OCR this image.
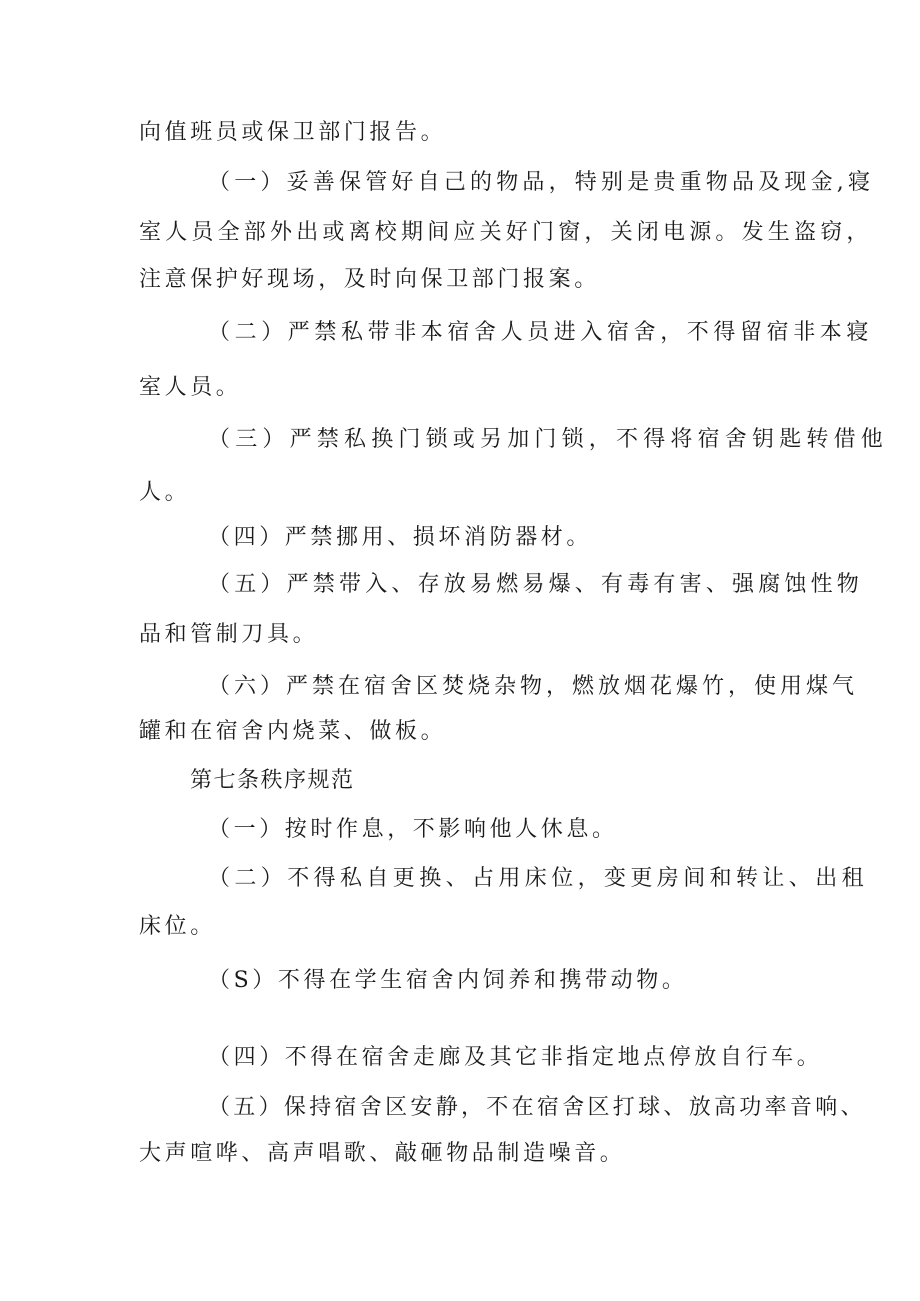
向值班员或保卫部门报告。
（一）妥善保管好自己的物品，特别是贵重物品及现金,寝
室人员全部外出或离校期间应关好门窗，关闭电源。发生盗窃，
注意保护好现场，及时向保卫部门报案。
（二）严禁私带非本宿舍人员进入宿舍，不得留宿非本寝
室人员。
（三）严禁私换门锁或另加门锁，不得将宿舍钥匙转借他
人。
（四）严禁挪用、损坏消防器材。
（五）严禁带入、存放易燃易爆、有毒有害、强腐蚀性物
品和管制刀具。
（六）严禁在宿舍区焚烧杂物，燃放烟花爆竹，使用煤气
罐和在宿舍内烧菜、做板。
第七条秩序规范
（一）按时作息，不影响他人休息。
（二）不得私自更换、占用床位，变更房间和转让、出租
床位。
（S）不得在学生宿舍内饲养和携带动物。
（四）不得在宿舍走廊及其它非指定地点停放自行车。
（五）保持宿舍区安静，不在宿舍区打球、放高功率音响、
大声喧哗、高声唱歌、敲砸物品制造噪音。
